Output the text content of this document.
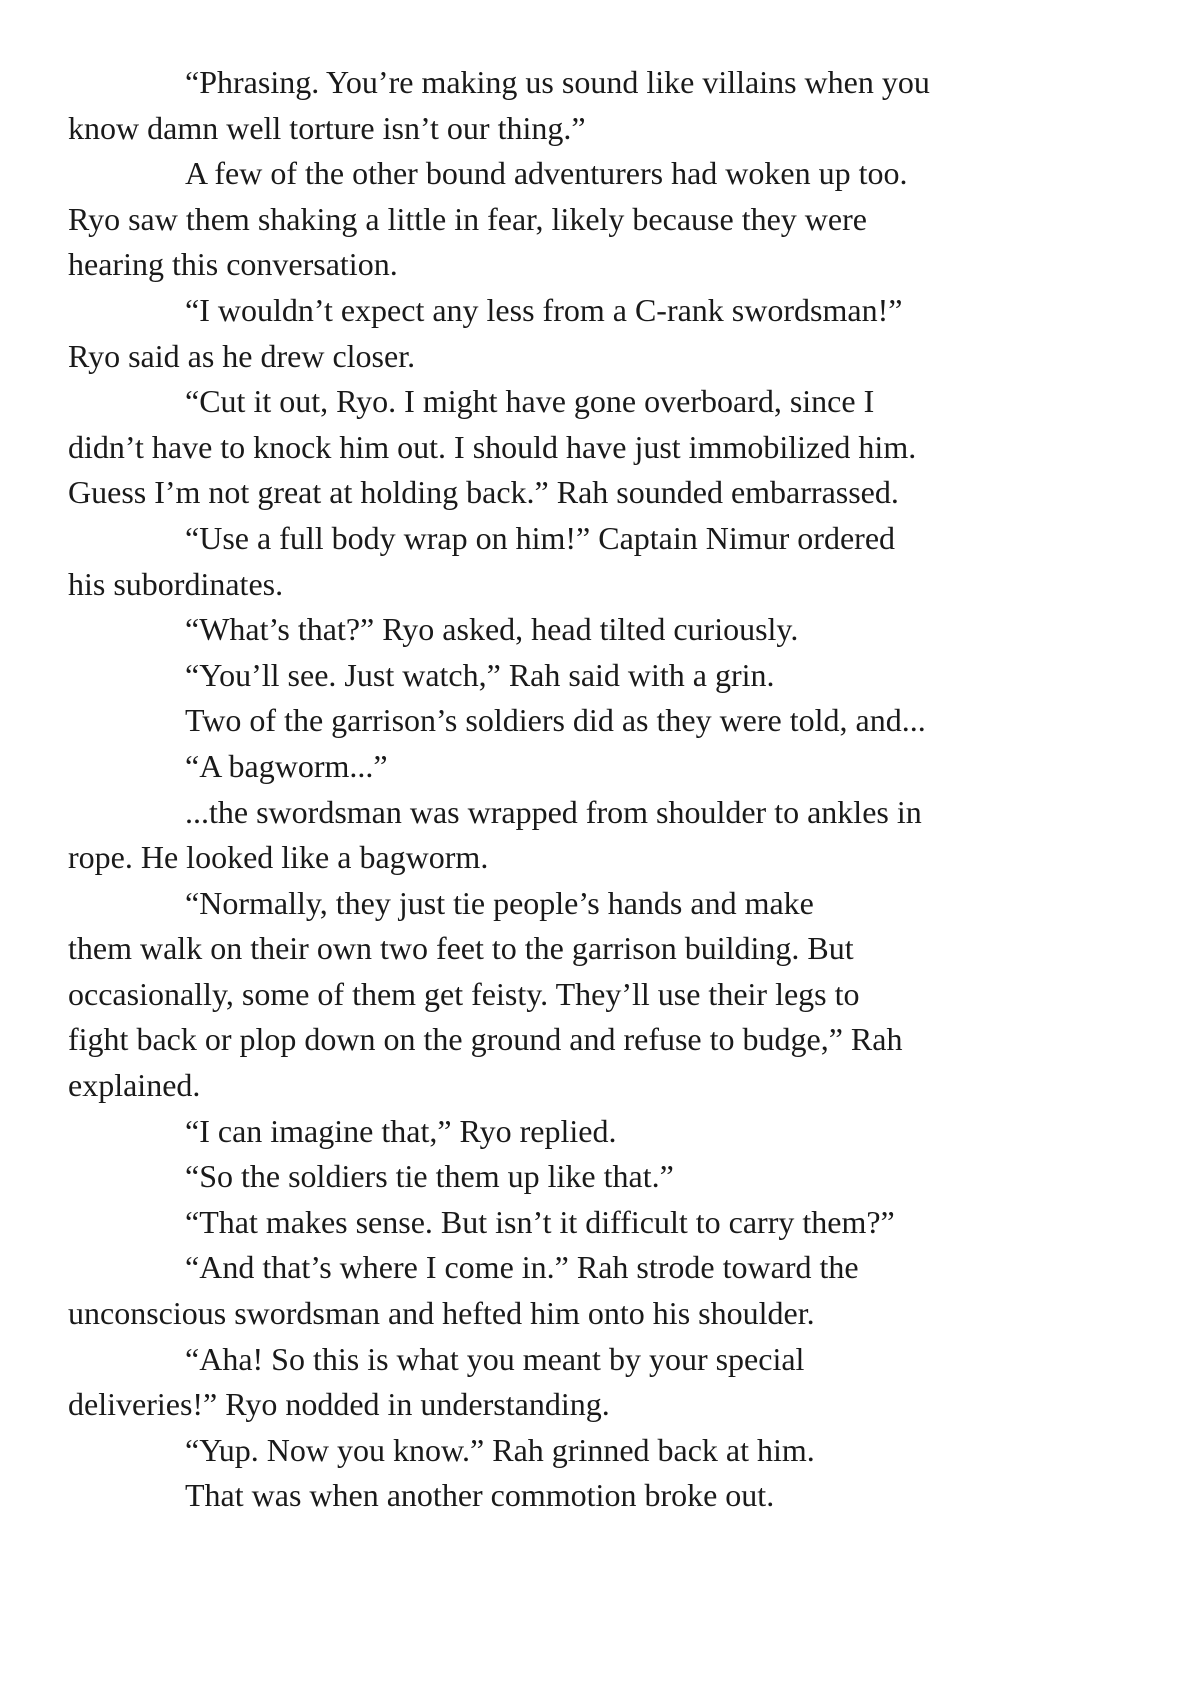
“Phrasing. You’re making us sound like villains when you
know damn well torture isn’t our thing.”
A few of the other bound adventurers had woken up too.
Ryo saw them shaking a little in fear, likely because they were
hearing this conversation.
“I wouldn’t expect any less from a C-rank swordsman!”
Ryo said as he drew closer.
“Cut it out, Ryo. I might have gone overboard, since I
didn’t have to knock him out. I should have just immobilized him.
Guess I’m not great at holding back.” Rah sounded embarrassed.
“Use a full body wrap on him!” Captain Nimur ordered
his subordinates.
“What’s that?” Ryo asked, head tilted curiously.
“You’ll see. Just watch,” Rah said with a grin.
Two of the garrison’s soldiers did as they were told, and...
“A bagworm...”
...the swordsman was wrapped from shoulder to ankles in
rope. He looked like a bagworm.
“Normally, they just tie people’s hands and make
them walk on their own two feet to the garrison building. But
occasionally, some of them get feisty. They’ll use their legs to
fight back or plop down on the ground and refuse to budge,” Rah
explained.
“I can imagine that,” Ryo replied.
“So the soldiers tie them up like that.”
“That makes sense. But isn’t it difficult to carry them?”
“And that’s where I come in.” Rah strode toward the
unconscious swordsman and hefted him onto his shoulder.
“Aha! So this is what you meant by your special
deliveries!” Ryo nodded in understanding.
“Yup. Now you know.” Rah grinned back at him.
That was when another commotion broke out.
